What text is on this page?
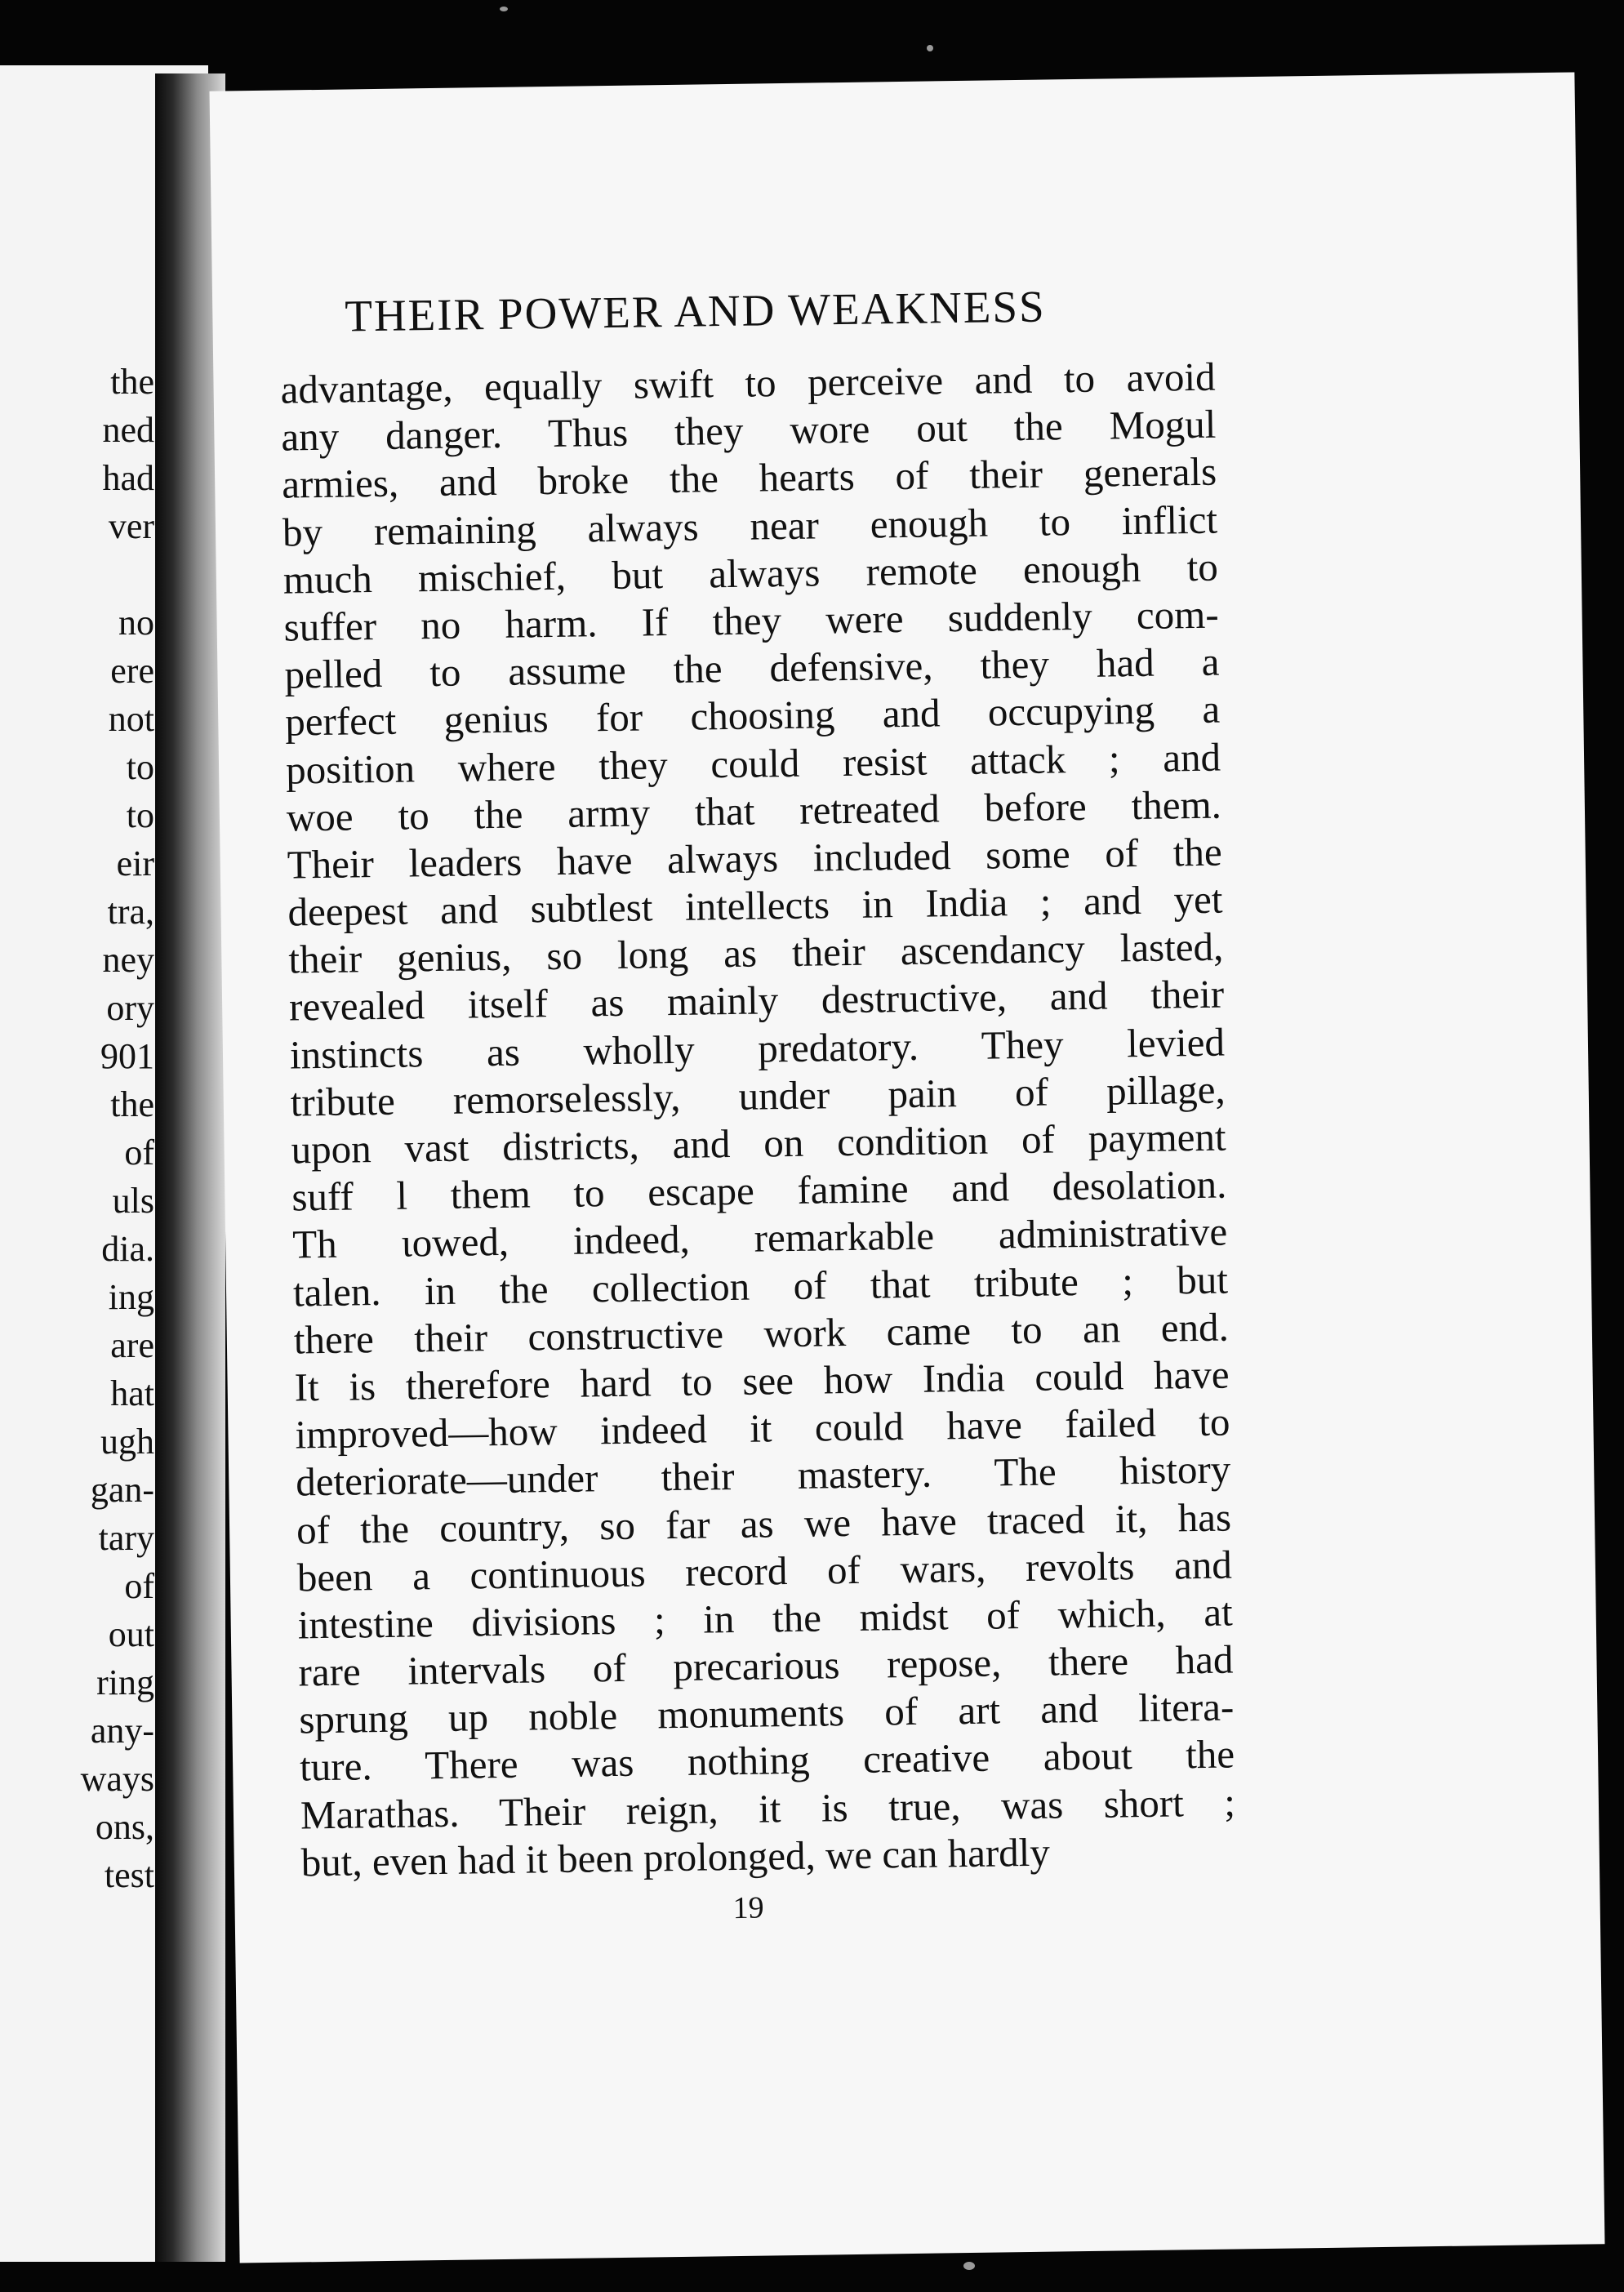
the
ned
had
ver
no
ere
not
to
to
eir
tra,
ney
ory
901
the
of
uls
dia.
ing
are
hat
ugh
gan-
tary
of
out
ring
any-
ways
ons,
test
THEIR POWER AND WEAKNESS
advantage, equally swift to perceive and to avoid
any danger. Thus they wore out the Mogul
armies, and broke the hearts of their generals
by remaining always near enough to inflict
much mischief, but always remote enough to
suffer no harm. If they were suddenly com-
pelled to assume the defensive, they had a
perfect genius for choosing and occupying a
position where they could resist attack ; and
woe to the army that retreated before them.
Their leaders have always included some of the
deepest and subtlest intellects in India ; and yet
their genius, so long as their ascendancy lasted,
revealed itself as mainly destructive, and their
instincts as wholly predatory. They levied
tribute remorselessly, under pain of pillage,
upon vast districts, and on condition of payment
suff l them to escape famine and desolation.
Th ιowed, indeed, remarkable administrative
talen. in the collection of that tribute ; but
there their constructive work came to an end.
It is therefore hard to see how India could have
improved—how indeed it could have failed to
deteriorate—under their mastery. The history
of the country, so far as we have traced it, has
been a continuous record of wars, revolts and
intestine divisions ; in the midst of which, at
rare intervals of precarious repose, there had
sprung up noble monuments of art and litera-
ture. There was nothing creative about the
Marathas. Their reign, it is true, was short ;
but, even had it been prolonged, we can hardly
19
